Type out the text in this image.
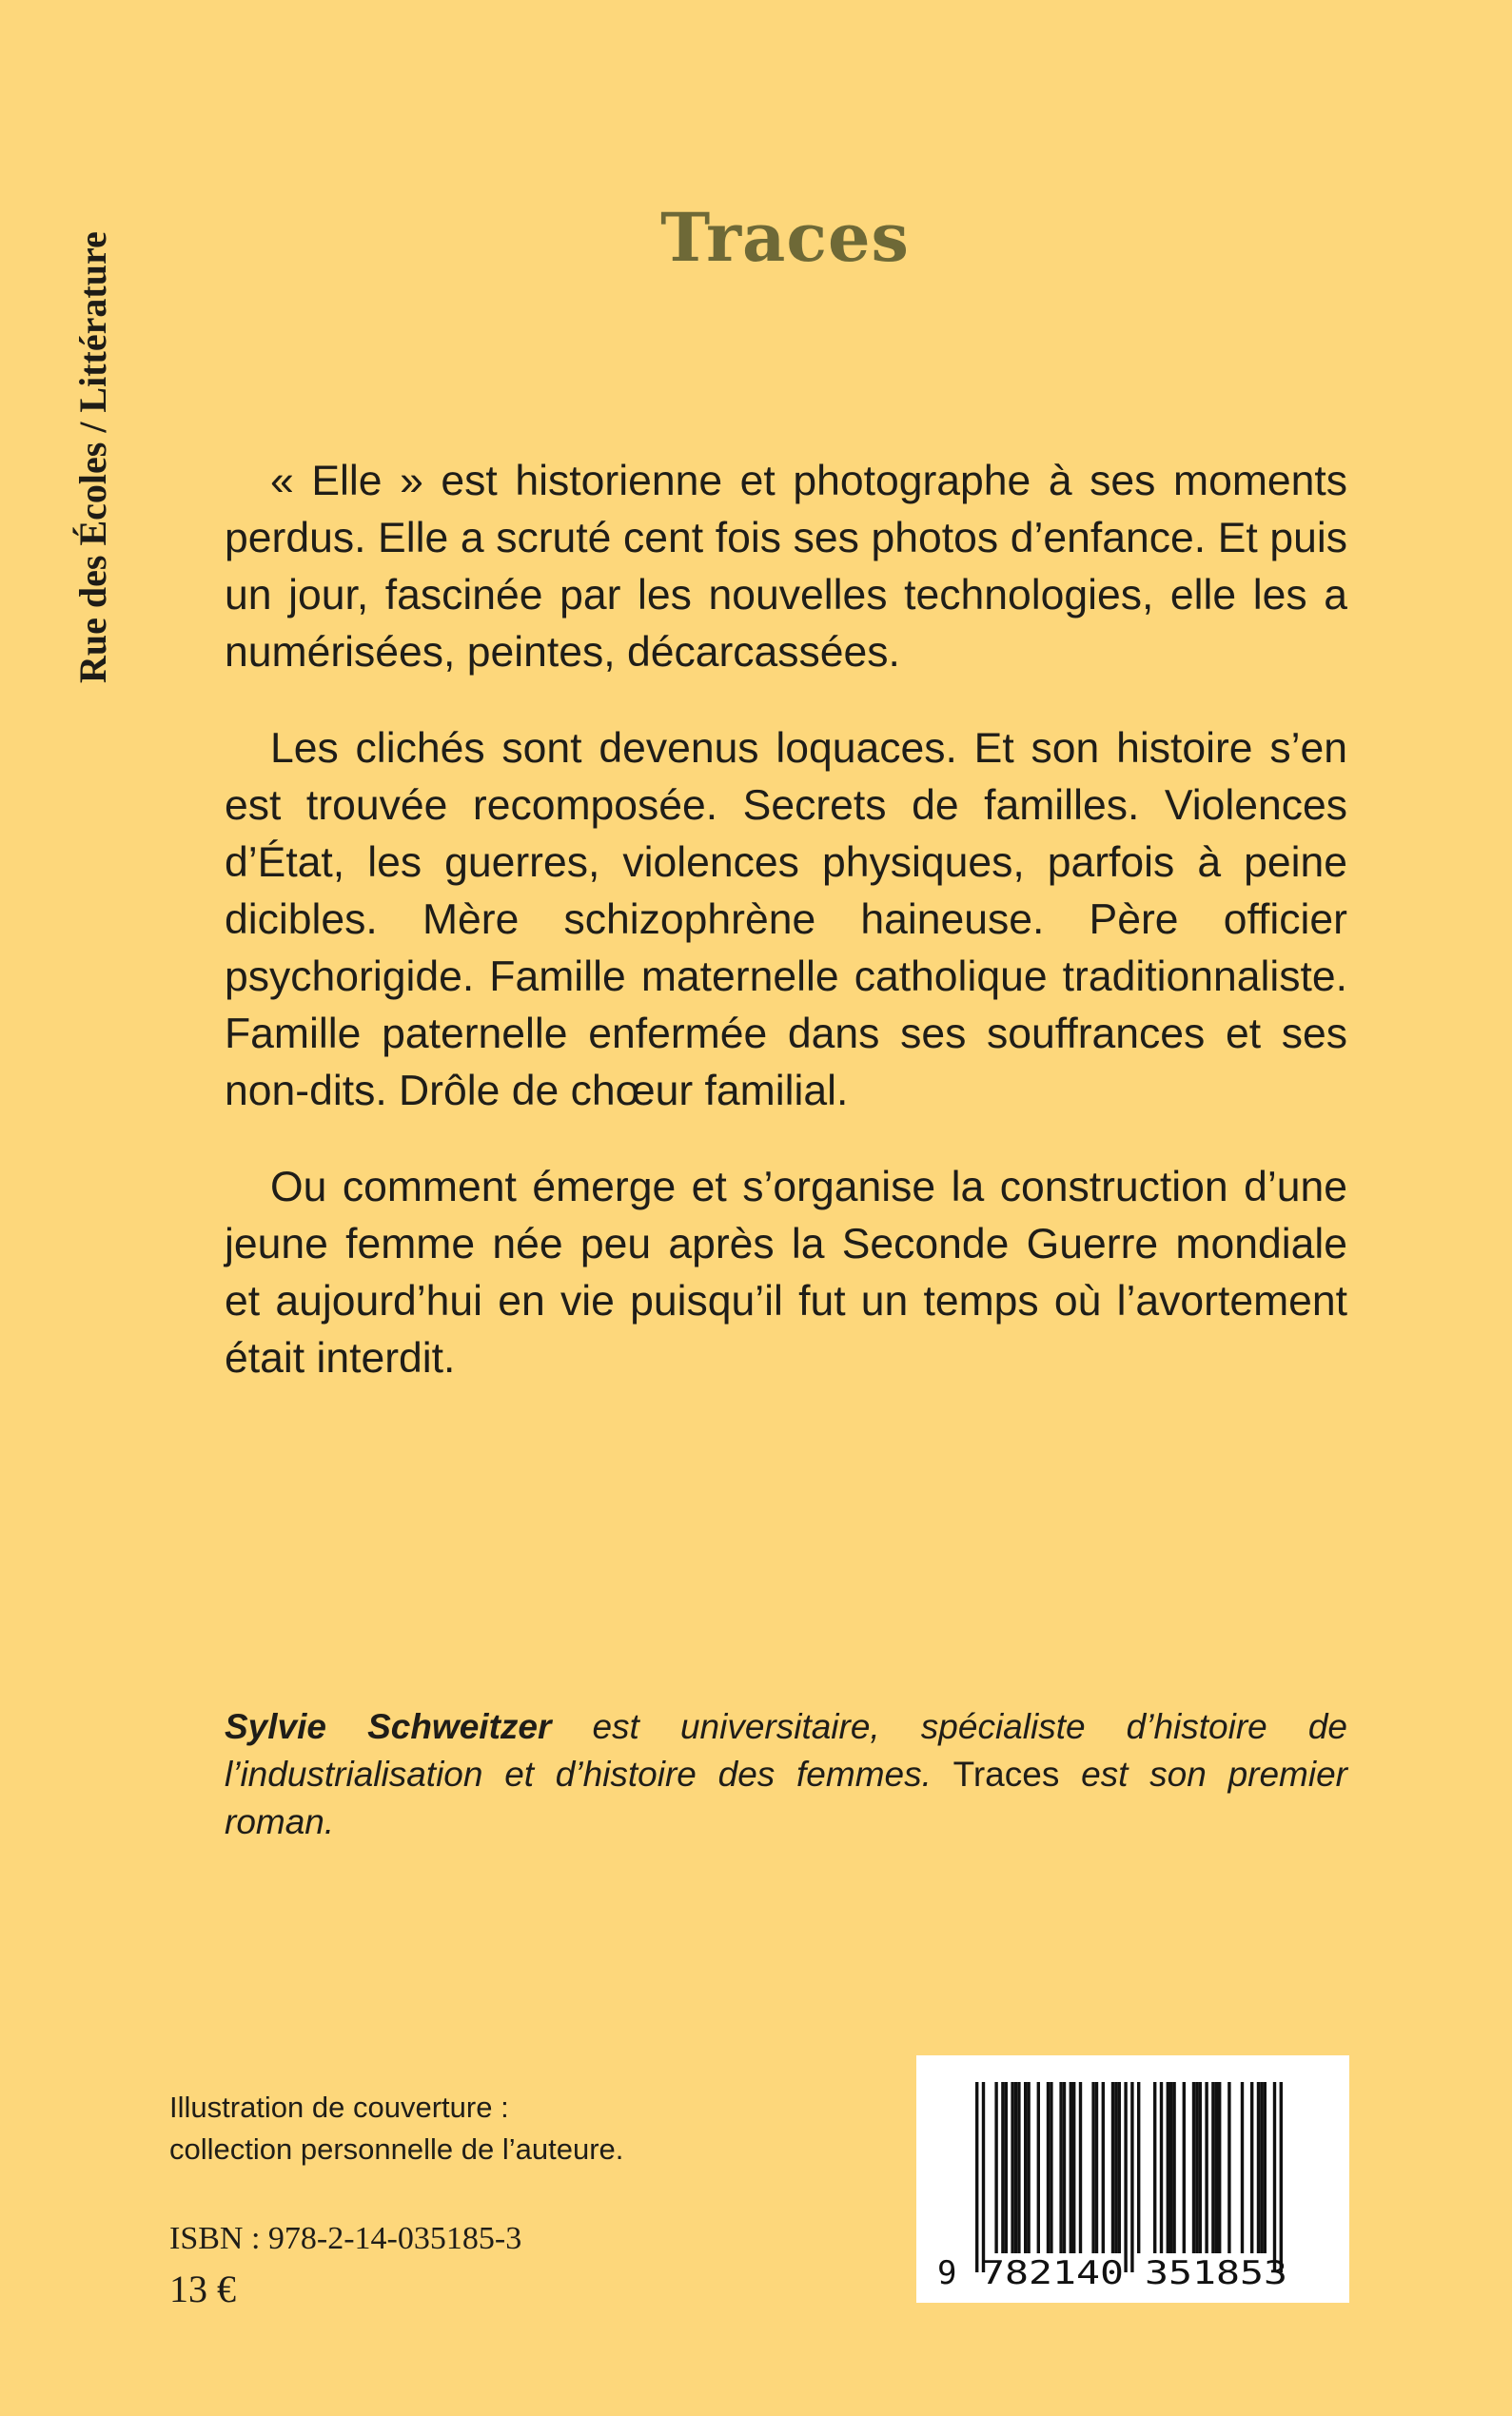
Rue des Écoles / Littérature	Traces

« Elle » est historienne et photographe à ses moments perdus. Elle a scruté cent fois ses photos d’enfance. Et puis un jour, fascinée par les nouvelles technologies, elle les a numérisées, peintes, décarcassées.

Les clichés sont devenus loquaces. Et son histoire s’en est trouvée recomposée. Secrets de familles. Violences d’État, les guerres, violences physiques, parfois à peine dicibles. Mère schizophrène haineuse. Père officier psychorigide. Famille maternelle catholique traditionnaliste. Famille paternelle enfermée dans ses souffrances et ses non-dits. Drôle de chœur familial.

Ou comment émerge et s’organise la construction d’une jeune femme née peu après la Seconde Guerre mondiale et aujourd’hui en vie puisqu’il fut un temps où l’avortement était interdit.

Sylvie Schweitzer est universitaire, spécialiste d’histoire de l’industrialisation et d’histoire des femmes. Traces est son premier roman.
Illustration de couverture :
collection personnelle de l’auteure.
ISBN : 978-2-14-035185-3
13 €	9 782140 351853
